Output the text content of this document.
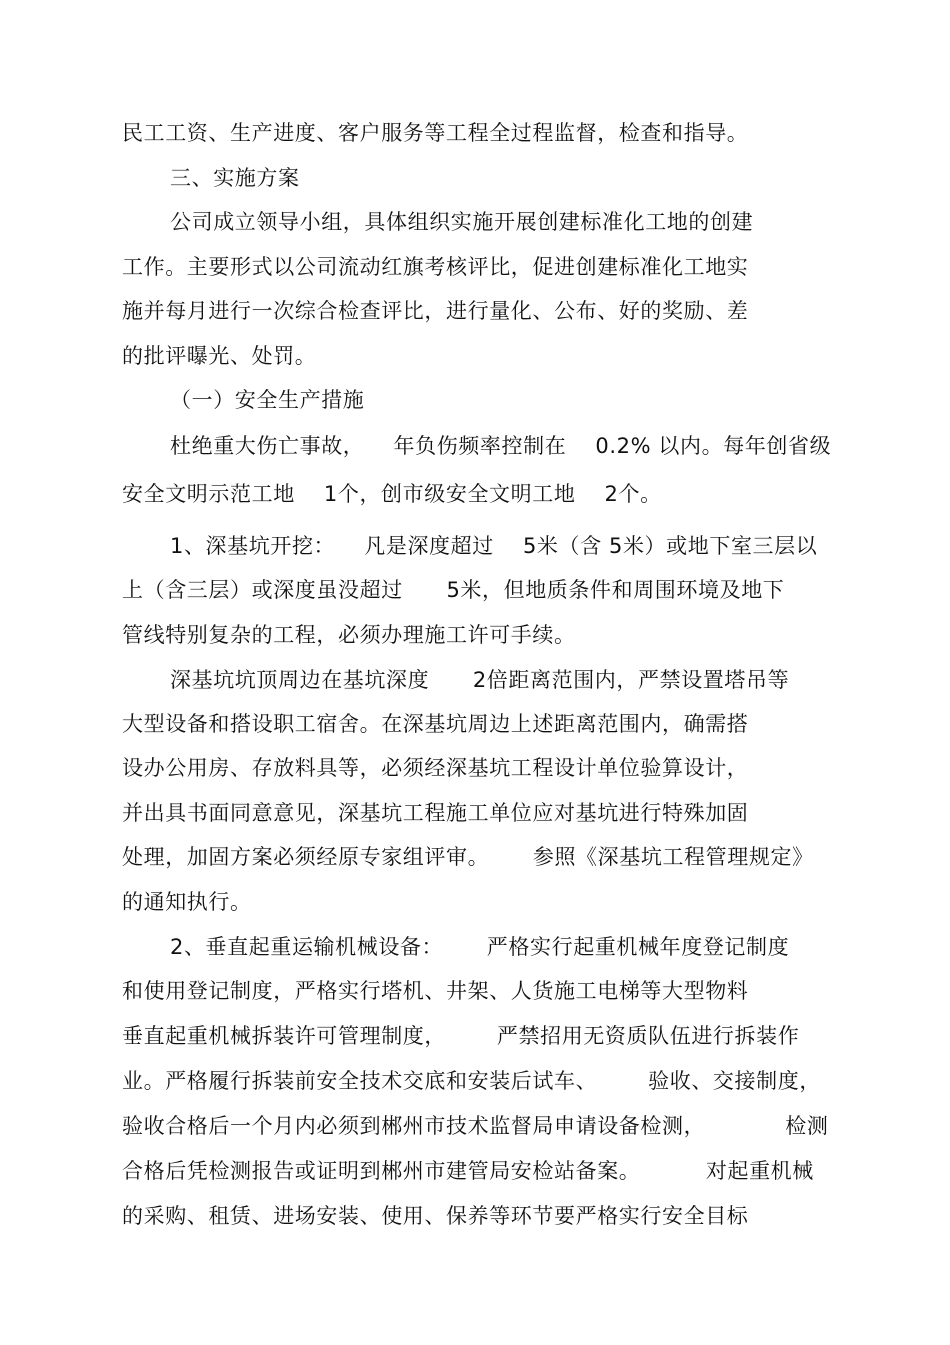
民工工资、生产进度、客户服务等工程全过程监督，检查和指导。
三、实施方案
公司成立领导小组，具体组织实施开展创建标准化工地的创建
工作。主要形式以公司流动红旗考核评比，促进创建标准化工地实
施并每月进行一次综合检查评比，进行量化、公布、好的奖励、差
的批评曝光、处罚。
（一）安全生产措施
杜绝重大伤亡事故，    年负伤频率控制在    0.2% 以内。每年创省级
安全文明示范工地    1个，创市级安全文明工地    2个。
1、深基坑开挖：    凡是深度超过    5米（含 5米）或地下室三层以
上（含三层）或深度虽没超过      5米，但地质条件和周围环境及地下
管线特别复杂的工程，必须办理施工许可手续。
深基坑坑顶周边在基坑深度      2倍距离范围内，严禁设置塔吊等
大型设备和搭设职工宿舍。在深基坑周边上述距离范围内，确需搭
设办公用房、存放料具等，必须经深基坑工程设计单位验算设计，
并出具书面同意意见，深基坑工程施工单位应对基坑进行特殊加固
处理，加固方案必须经原专家组评审。      参照《深基坑工程管理规定》
的通知执行。
2、垂直起重运输机械设备：      严格实行起重机械年度登记制度
和使用登记制度，严格实行塔机、井架、人货施工电梯等大型物料
垂直起重机械拆装许可管理制度，       严禁招用无资质队伍进行拆装作
业。严格履行拆装前安全技术交底和安装后试车、       验收、交接制度，
验收合格后一个月内必须到郴州市技术监督局申请设备检测，           检测
合格后凭检测报告或证明到郴州市建管局安检站备案。         对起重机械
的采购、租赁、进场安装、使用、保养等环节要严格实行安全目标
